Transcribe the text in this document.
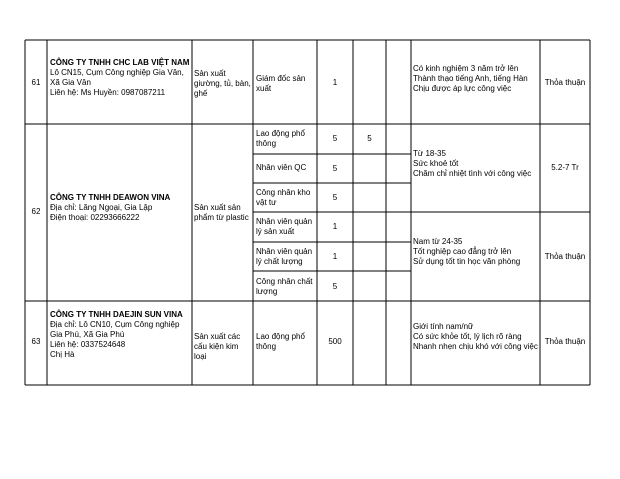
61
CÔNG TY TNHH CHC LAB VIỆT NAM
Lô CN15, Cụm Công nghiệp Gia Vân,
Xã Gia Vân
Liên hệ: Ms Huyền: 0987087211
Sản xuất
giường, tủ, bàn,
ghế
Giám đốc sản
xuất
1
Có kinh nghiệm 3 năm trở lên
Thành thạo tiếng Anh, tiếng Hàn
Chịu được áp lực công việc
Thỏa thuận
62
CÔNG TY TNHH DEAWON VINA
Địa chỉ: Lăng Ngoại, Gia Lập
Điện thoại: 02293666222
Sản xuất sản
phẩm từ plastic
Lao động phổ
thông
5	5
Nhân viên QC	5
Công nhân kho
vật tư
5
Nhân viên quản
lý sản xuất
1
Nhân viên quản
lý chất lượng
1
Công nhân chất
lượng
5
Từ 18-35
Sức khoẻ tốt
Chăm chỉ nhiệt tình với công việc
5.2-7 Tr
Nam từ 24-35
Tốt nghiệp cao đẳng trở lên
Sử dụng tốt tin học văn phòng
Thỏa thuận
63
CÔNG TY TNHH DAEJIN SUN VINA
Địa chỉ: Lô CN10, Cụm Công nghiệp
Gia Phú, Xã Gia Phú
Liên hệ: 0337524648
Chị Hà
Sản xuất các
cấu kiện kim loại
Lao động phổ
thông
500
Giới tính nam/nữ
Có sức khỏe tốt, lý lịch rõ ràng
Nhanh nhẹn chịu khó với công việc
Thỏa thuận
